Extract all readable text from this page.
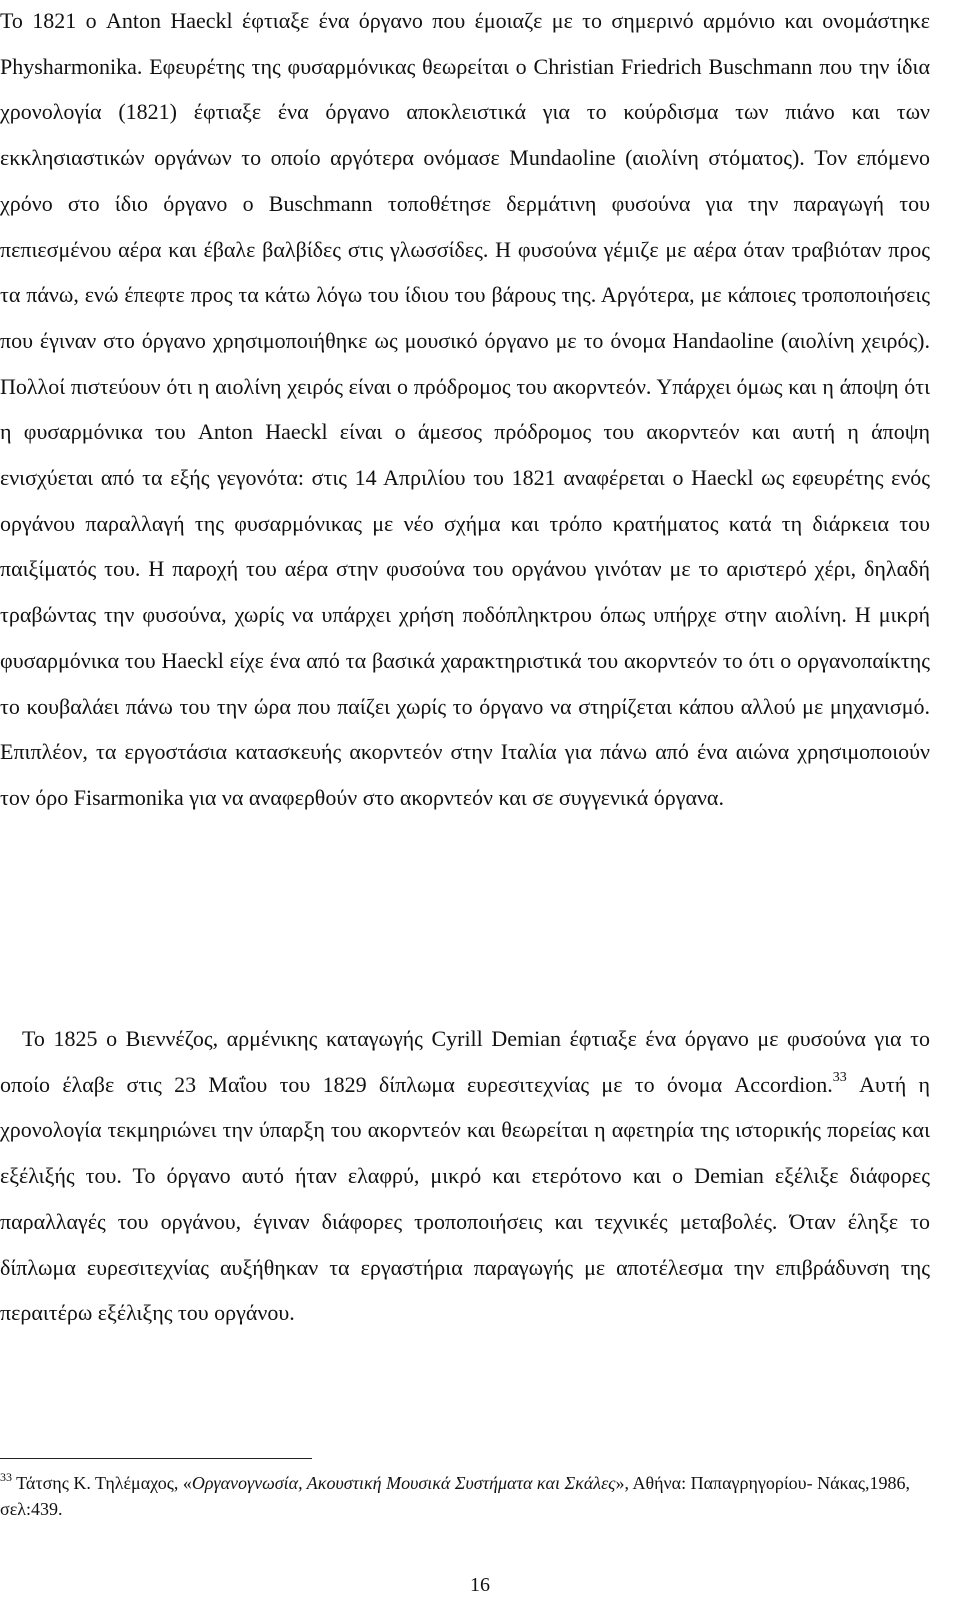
Το 1821 ο Anton Haeckl έφτιαξε ένα όργανο που έμοιαζε με το σημερινό αρμόνιο και ονομάστηκε Physharmonika. Εφευρέτης της φυσαρμόνικας θεωρείται ο Christian Friedrich Buschmann που την ίδια χρονολογία (1821) έφτιαξε ένα όργανο αποκλειστικά για το κούρδισμα των πιάνο και των εκκλησιαστικών οργάνων το οποίο αργότερα ονόμασε Mundaoline (αιολίνη στόματος). Τον επόμενο χρόνο στο ίδιο όργανο ο Buschmann τοποθέτησε δερμάτινη φυσούνα για την παραγωγή του πεπιεσμένου αέρα και έβαλε βαλβίδες στις γλωσσίδες. Η φυσούνα γέμιζε με αέρα όταν τραβιόταν προς τα πάνω, ενώ έπεφτε προς τα κάτω λόγω του ίδιου του βάρους της. Αργότερα, με κάποιες τροποποιήσεις που έγιναν στο όργανο χρησιμοποιήθηκε ως μουσικό όργανο με το όνομα Handaoline (αιολίνη χειρός). Πολλοί πιστεύουν ότι η αιολίνη χειρός είναι ο πρόδρομος του ακορντεόν. Υπάρχει όμως και η άποψη ότι η φυσαρμόνικα του Anton Haeckl είναι ο άμεσος πρόδρομος του ακορντεόν και αυτή η άποψη ενισχύεται από τα εξής γεγονότα: στις 14 Απριλίου του 1821 αναφέρεται ο Haeckl ως εφευρέτης ενός οργάνου παραλλαγή της φυσαρμόνικας με νέο σχήμα και τρόπο κρατήματος κατά τη διάρκεια του παιξίματός του. Η παροχή του αέρα στην φυσούνα του οργάνου γινόταν με το αριστερό χέρι, δηλαδή τραβώντας την φυσούνα, χωρίς να υπάρχει χρήση ποδόπληκτρου όπως υπήρχε στην αιολίνη. Η μικρή φυσαρμόνικα του Haeckl είχε ένα από τα βασικά χαρακτηριστικά του ακορντεόν το ότι ο οργανοπαίκτης το κουβαλάει πάνω του την ώρα που παίζει χωρίς το όργανο να στηρίζεται κάπου αλλού με μηχανισμό. Επιπλέον, τα εργοστάσια κατασκευής ακορντεόν στην Ιταλία για πάνω από ένα αιώνα χρησιμοποιούν τον όρο Fisarmonika για να αναφερθούν στο ακορντεόν και σε συγγενικά όργανα.

Το 1825 ο Βιεννέζος, αρμένικης καταγωγής Cyrill Demian έφτιαξε ένα όργανο με φυσούνα για το οποίο έλαβε στις 23 Μαΐου του 1829 δίπλωμα ευρεσιτεχνίας με το όνομα Accordion.$^{33}$ Αυτή η χρονολογία τεκμηριώνει την ύπαρξη του ακορντεόν και θεωρείται η αφετηρία της ιστορικής πορείας και εξέλιξής του. Το όργανο αυτό ήταν ελαφρύ, μικρό και ετερότονο και ο Demian εξέλιξε διάφορες παραλλαγές του οργάνου, έγιναν διάφορες τροποποιήσεις και τεχνικές μεταβολές. Όταν έληξε το δίπλωμα ευρεσιτεχνίας αυξήθηκαν τα εργαστήρια παραγωγής με αποτέλεσμα την επιβράδυνση της περαιτέρω εξέλιξης του οργάνου.

$^{33}$ Τάτσης Κ. Τηλέμαχος, «Οργανογνωσία, Ακουστική Μουσικά Συστήματα και Σκάλες», Αθήνα: Παπαγρηγορίου- Νάκας,1986, σελ:439.

16
